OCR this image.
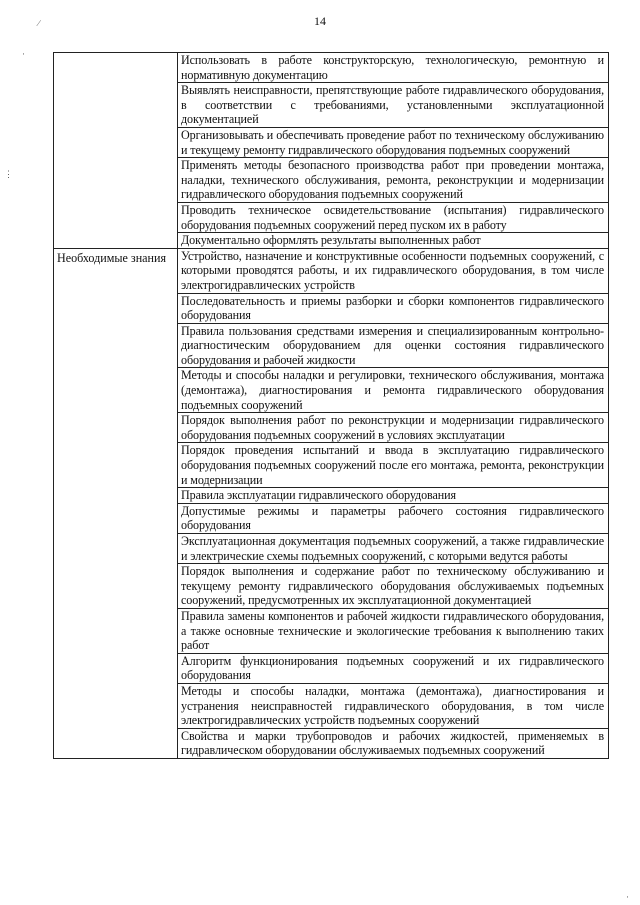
14
∕
·
⋮
·
	Использовать в работе конструкторскую, технологическую, ремонтную и нормативную документацию
	Выявлять неисправности, препятствующие работе гидравлического оборудования, в соответствии с требованиями, установленными эксплуатационной документацией
	Организовывать и обеспечивать проведение работ по техническому обслуживанию и текущему ремонту гидравлического оборудования подъемных сооружений
	Применять методы безопасного производства работ при проведении монтажа, наладки, технического обслуживания, ремонта, реконструкции и модернизации гидравлического оборудования подъемных сооружений
	Проводить техническое освидетельствование (испытания) гидравлического оборудования подъемных сооружений перед пуском их в работу
	Документально оформлять результаты выполненных работ
Необходимые знания	Устройство, назначение и конструктивные особенности подъемных сооружений, с которыми проводятся работы, и их гидравлического оборудования, в том числе электрогидравлических устройств
	Последовательность и приемы разборки и сборки компонентов гидравлического оборудования
	Правила пользования средствами измерения и специализированным контрольно-диагностическим оборудованием для оценки состояния гидравлического оборудования и рабочей жидкости
	Методы и способы наладки и регулировки, технического обслуживания, монтажа (демонтажа), диагностирования и ремонта гидравлического оборудования подъемных сооружений
	Порядок выполнения работ по реконструкции и модернизации гидравлического оборудования подъемных сооружений в условиях эксплуатации
	Порядок проведения испытаний и ввода в эксплуатацию гидравлического оборудования подъемных сооружений после его монтажа, ремонта, реконструкции и модернизации
	Правила эксплуатации гидравлического оборудования
	Допустимые режимы и параметры рабочего состояния гидравлического оборудования
	Эксплуатационная документация подъемных сооружений, а также гидравлические и электрические схемы подъемных сооружений, с которыми ведутся работы
	Порядок выполнения и содержание работ по техническому обслуживанию и текущему ремонту гидравлического оборудования обслуживаемых подъемных сооружений, предусмотренных их эксплуатационной документацией
	Правила замены компонентов и рабочей жидкости гидравлического оборудования, а также основные технические и экологические требования к выполнению таких работ
	Алгоритм функционирования подъемных сооружений и их гидравлического оборудования
	Методы и способы наладки, монтажа (демонтажа), диагностирования и устранения неисправностей гидравлического оборудования, в том числе электрогидравлических устройств подъемных сооружений
	Свойства и марки трубопроводов и рабочих жидкостей, применяемых в гидравлическом оборудовании обслуживаемых подъемных сооружений
